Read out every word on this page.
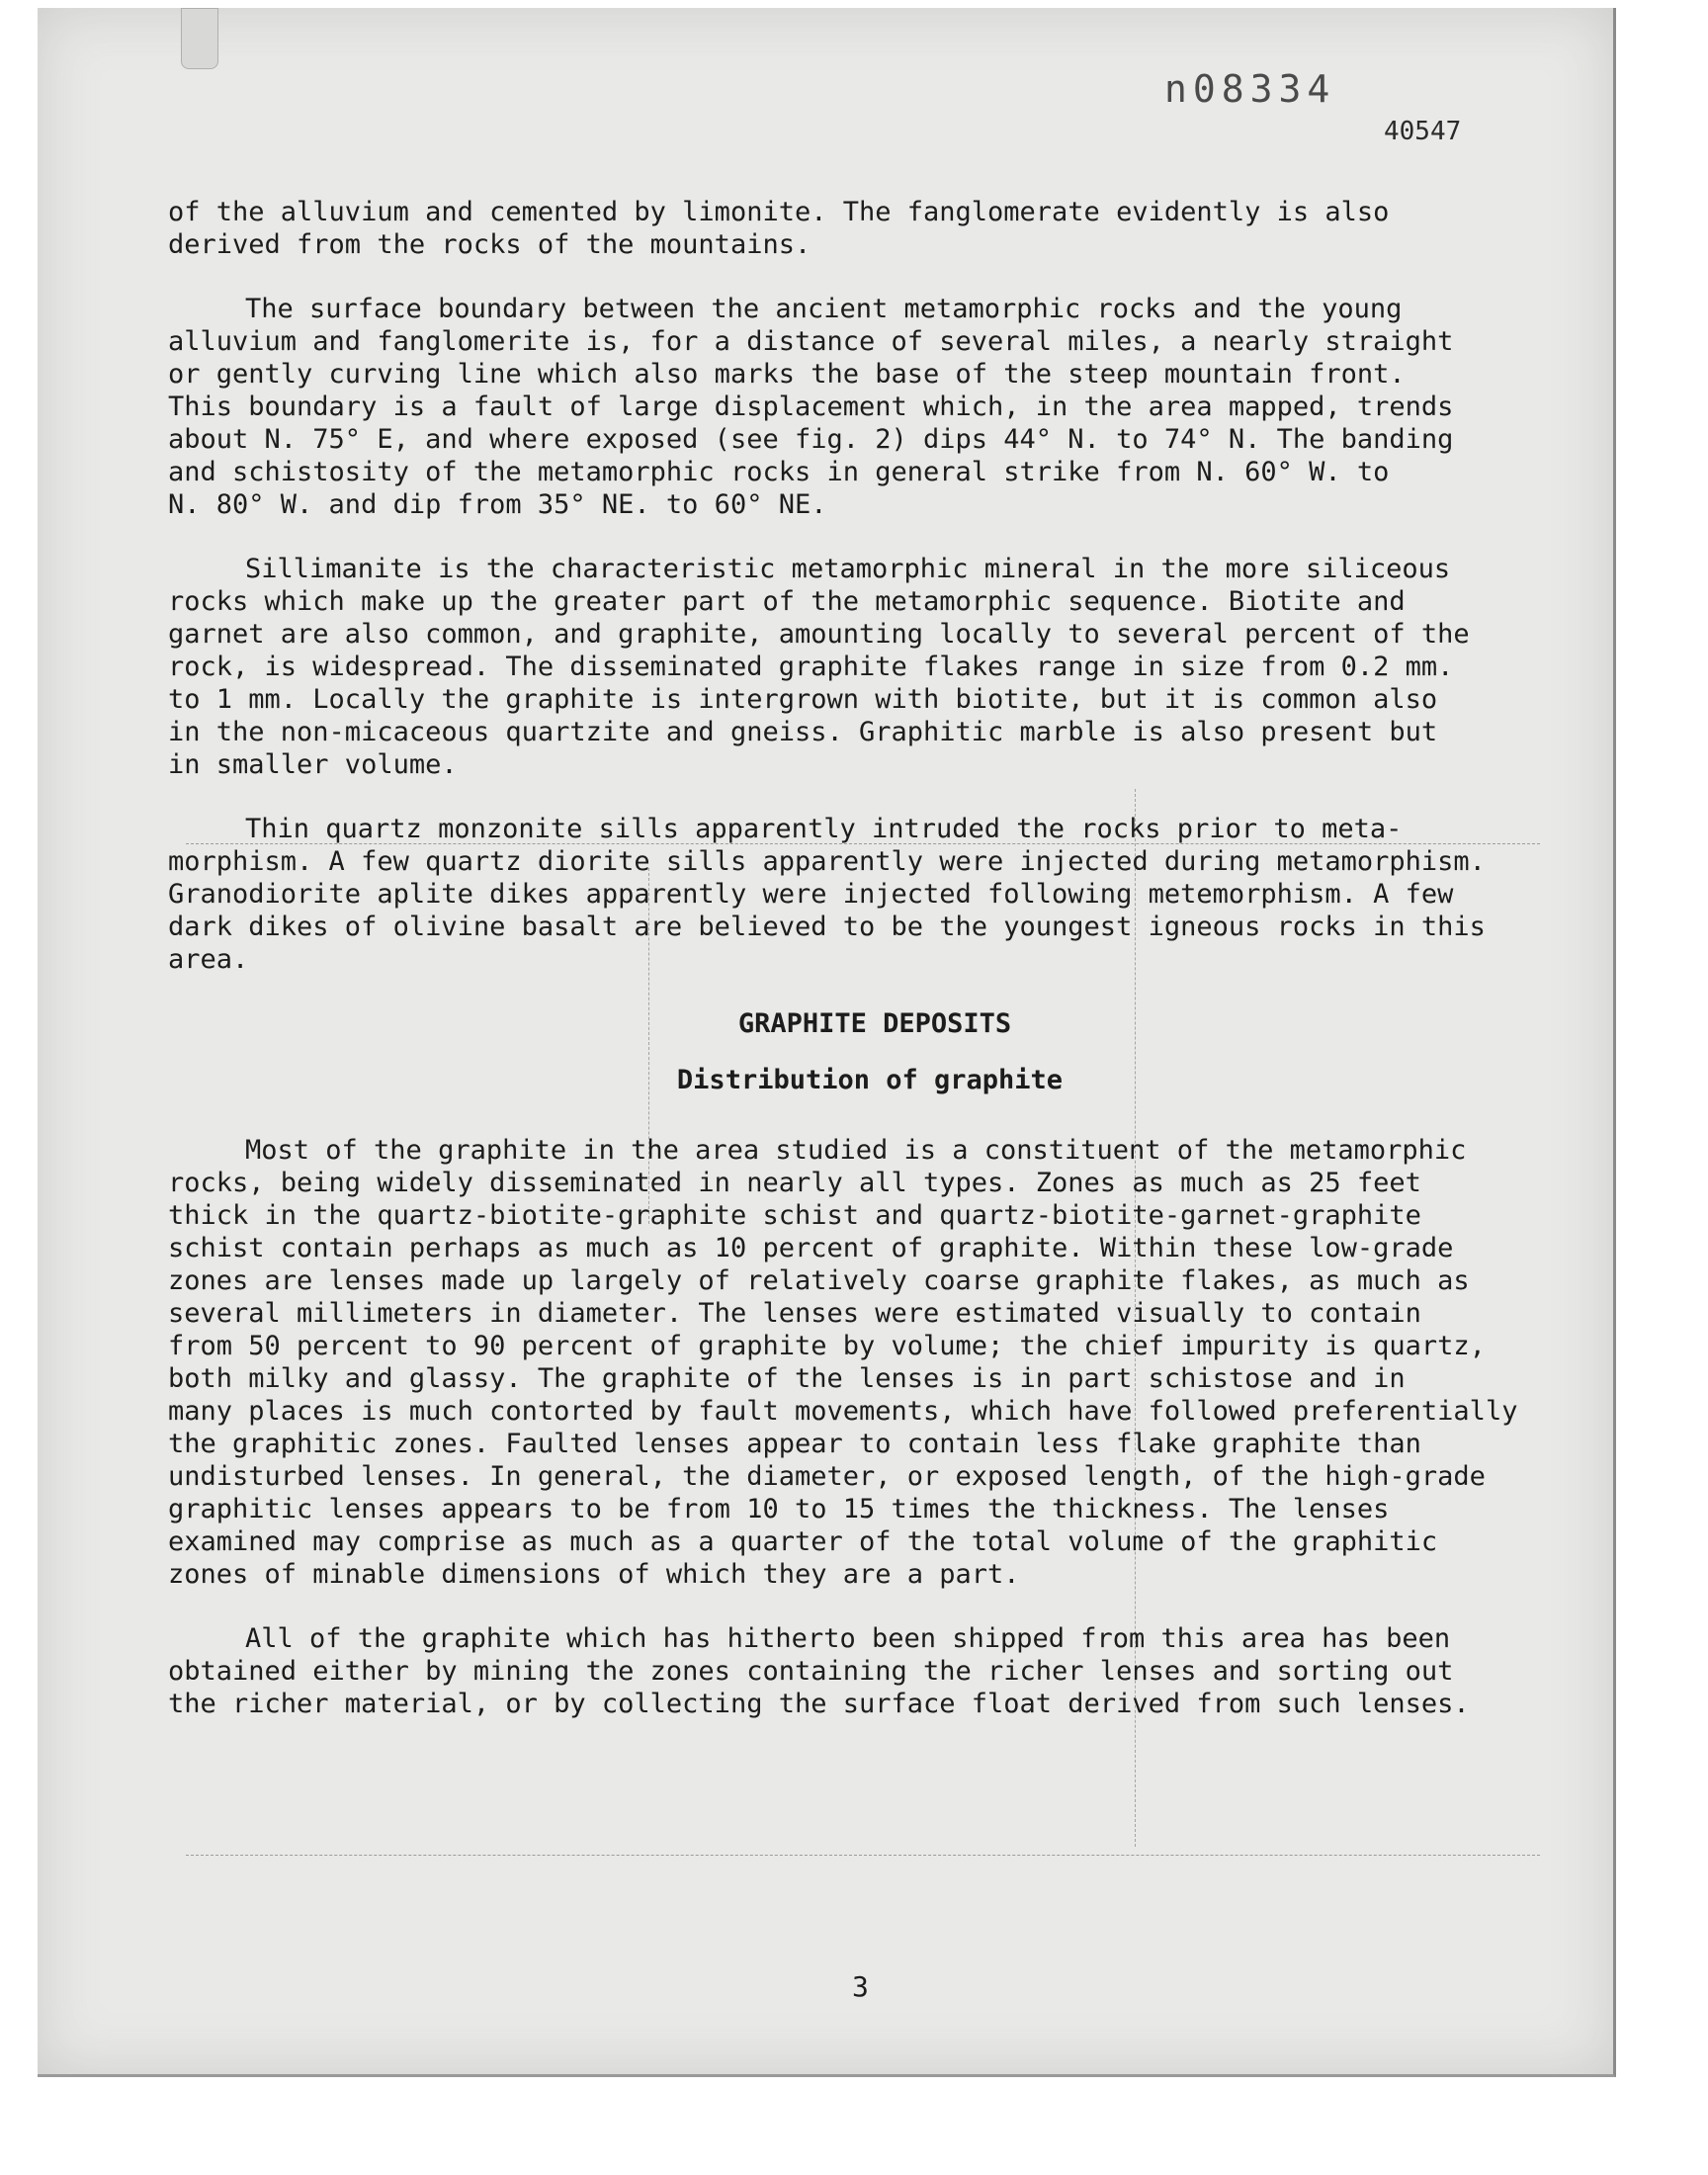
n08334
40547
3

of the alluvium and cemented by limonite. The fanglomerate evidently is also
derived from the rocks of the mountains.

The surface boundary between the ancient metamorphic rocks and the young
alluvium and fanglomerite is, for a distance of several miles, a nearly straight
or gently curving line which also marks the base of the steep mountain front.
This boundary is a fault of large displacement which, in the area mapped, trends
about N. 75° E, and where exposed (see fig. 2) dips 44° N. to 74° N. The banding
and schistosity of the metamorphic rocks in general strike from N. 60° W. to
N. 80° W. and dip from 35° NE. to 60° NE.

Sillimanite is the characteristic metamorphic mineral in the more siliceous
rocks which make up the greater part of the metamorphic sequence. Biotite and
garnet are also common, and graphite, amounting locally to several percent of the
rock, is widespread. The disseminated graphite flakes range in size from 0.2 mm.
to 1 mm. Locally the graphite is intergrown with biotite, but it is common also
in the non-micaceous quartzite and gneiss. Graphitic marble is also present but
in smaller volume.

Thin quartz monzonite sills apparently intruded the rocks prior to meta-
morphism. A few quartz diorite sills apparently were injected during metamorphism.
Granodiorite aplite dikes apparently were injected following metemorphism. A few
dark dikes of olivine basalt are believed to be the youngest igneous rocks in this
area.

GRAPHITE DEPOSITS
Distribution of graphite

Most of the graphite in the area studied is a constituent of the metamorphic
rocks, being widely disseminated in nearly all types. Zones as much as 25 feet
thick in the quartz-biotite-graphite schist and quartz-biotite-garnet-graphite
schist contain perhaps as much as 10 percent of graphite. Within these low-grade
zones are lenses made up largely of relatively coarse graphite flakes, as much as
several millimeters in diameter. The lenses were estimated visually to contain
from 50 percent to 90 percent of graphite by volume; the chief impurity is quartz,
both milky and glassy. The graphite of the lenses is in part schistose and in
many places is much contorted by fault movements, which have followed preferentially
the graphitic zones. Faulted lenses appear to contain less flake graphite than
undisturbed lenses. In general, the diameter, or exposed length, of the high-grade
graphitic lenses appears to be from 10 to 15 times the thickness. The lenses
examined may comprise as much as a quarter of the total volume of the graphitic
zones of minable dimensions of which they are a part.

All of the graphite which has hitherto been shipped from this area has been
obtained either by mining the zones containing the richer lenses and sorting out
the richer material, or by collecting the surface float derived from such lenses.
